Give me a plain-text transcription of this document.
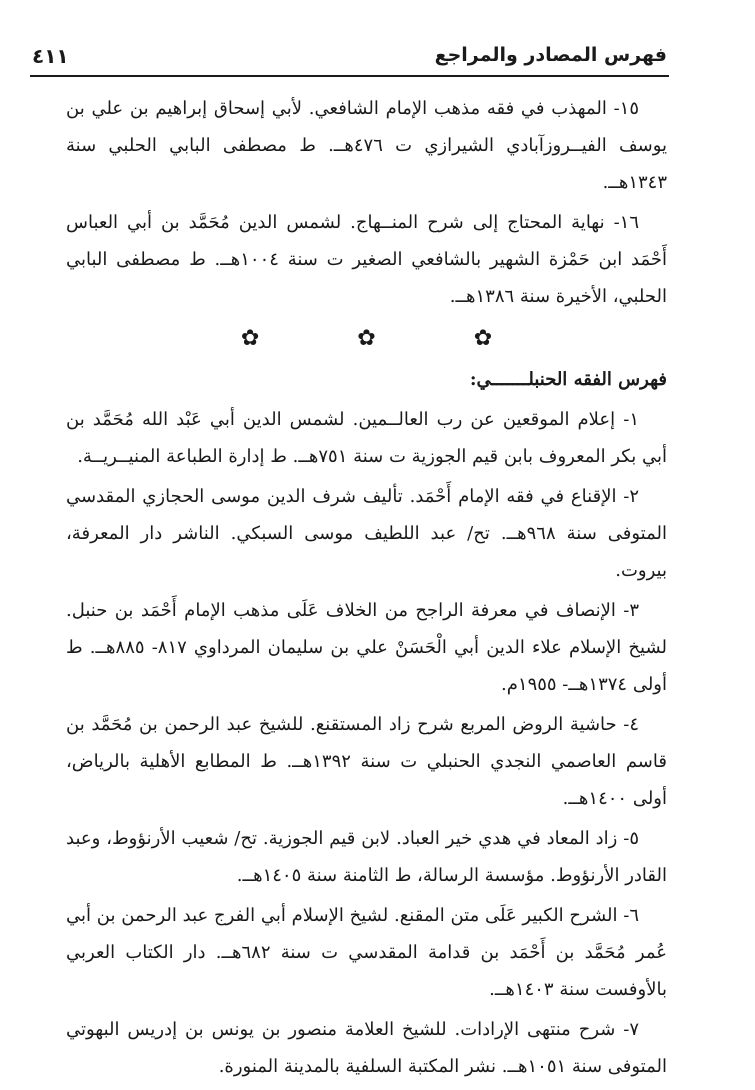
فهرس المصادر والمراجع
٤١١

١٥- المهذب في فقه مذهب الإمام الشافعي. لأبي إسحاق إبراهيم بن علي بن يوسف الفيــروزآبادي الشيرازي ت ٤٧٦هــ. ط مصطفى البابي الحلبي سنة ١٣٤٣هــ.

١٦- نهاية المحتاج إلى شرح المنــهاج. لشمس الدين مُحَمَّد بن أبي العباس أَحْمَد ابن حَمْزة الشهير بالشافعي الصغير ت سنة ١٠٠٤هــ. ط مصطفى البابي الحلبي، الأخيرة سنة ١٣٨٦هــ.

✿
✿
✿

فهرس الفقه الحنبلـــــــي:

١- إعلام الموقعين عن رب العالــمين. لشمس الدين أبي عَبْد الله مُحَمَّد بن أبي بكر المعروف بابن قيم الجوزية ت سنة ٧٥١هــ. ط إدارة الطباعة المنيــريــة.

٢- الإقناع في فقه الإمام أَحْمَد. تأليف شرف الدين موسى الحجازي المقدسي المتوفى سنة ٩٦٨هــ. تح/ عبد اللطيف موسى السبكي. الناشر دار المعرفة، بيروت.

٣- الإنصاف في معرفة الراجح من الخلاف عَلَى مذهب الإمام أَحْمَد بن حنبل. لشيخ الإسلام علاء الدين أبي الْحَسَنْ علي بن سليمان المرداوي ٨١٧- ٨٨٥هــ. ط أولى ١٣٧٤هــ- ١٩٥٥م.

٤- حاشية الروض المربع شرح زاد المستقنع. للشيخ عبد الرحمن بن مُحَمَّد بن قاسم العاصمي النجدي الحنبلي ت سنة ١٣٩٢هــ. ط المطابع الأهلية بالرياض، أولى ١٤٠٠هــ.

٥- زاد المعاد في هدي خير العباد. لابن قيم الجوزية. تح/ شعيب الأرنؤوط، وعبد القادر الأرنؤوط. مؤسسة الرسالة، ط الثامنة سنة ١٤٠٥هــ.

٦- الشرح الكبير عَلَى متن المقنع. لشيخ الإسلام أبي الفرج عبد الرحمن بن أبي عُمر مُحَمَّد بن أَحْمَد بن قدامة المقدسي ت سنة ٦٨٢هــ. دار الكتاب العربي بالأوفست سنة ١٤٠٣هــ.

٧- شرح منتهى الإرادات. للشيخ العلامة منصور بن يونس بن إدريس البهوتي المتوفى سنة ١٠٥١هــ. نشر المكتبة السلفية بالمدينة المنورة.
